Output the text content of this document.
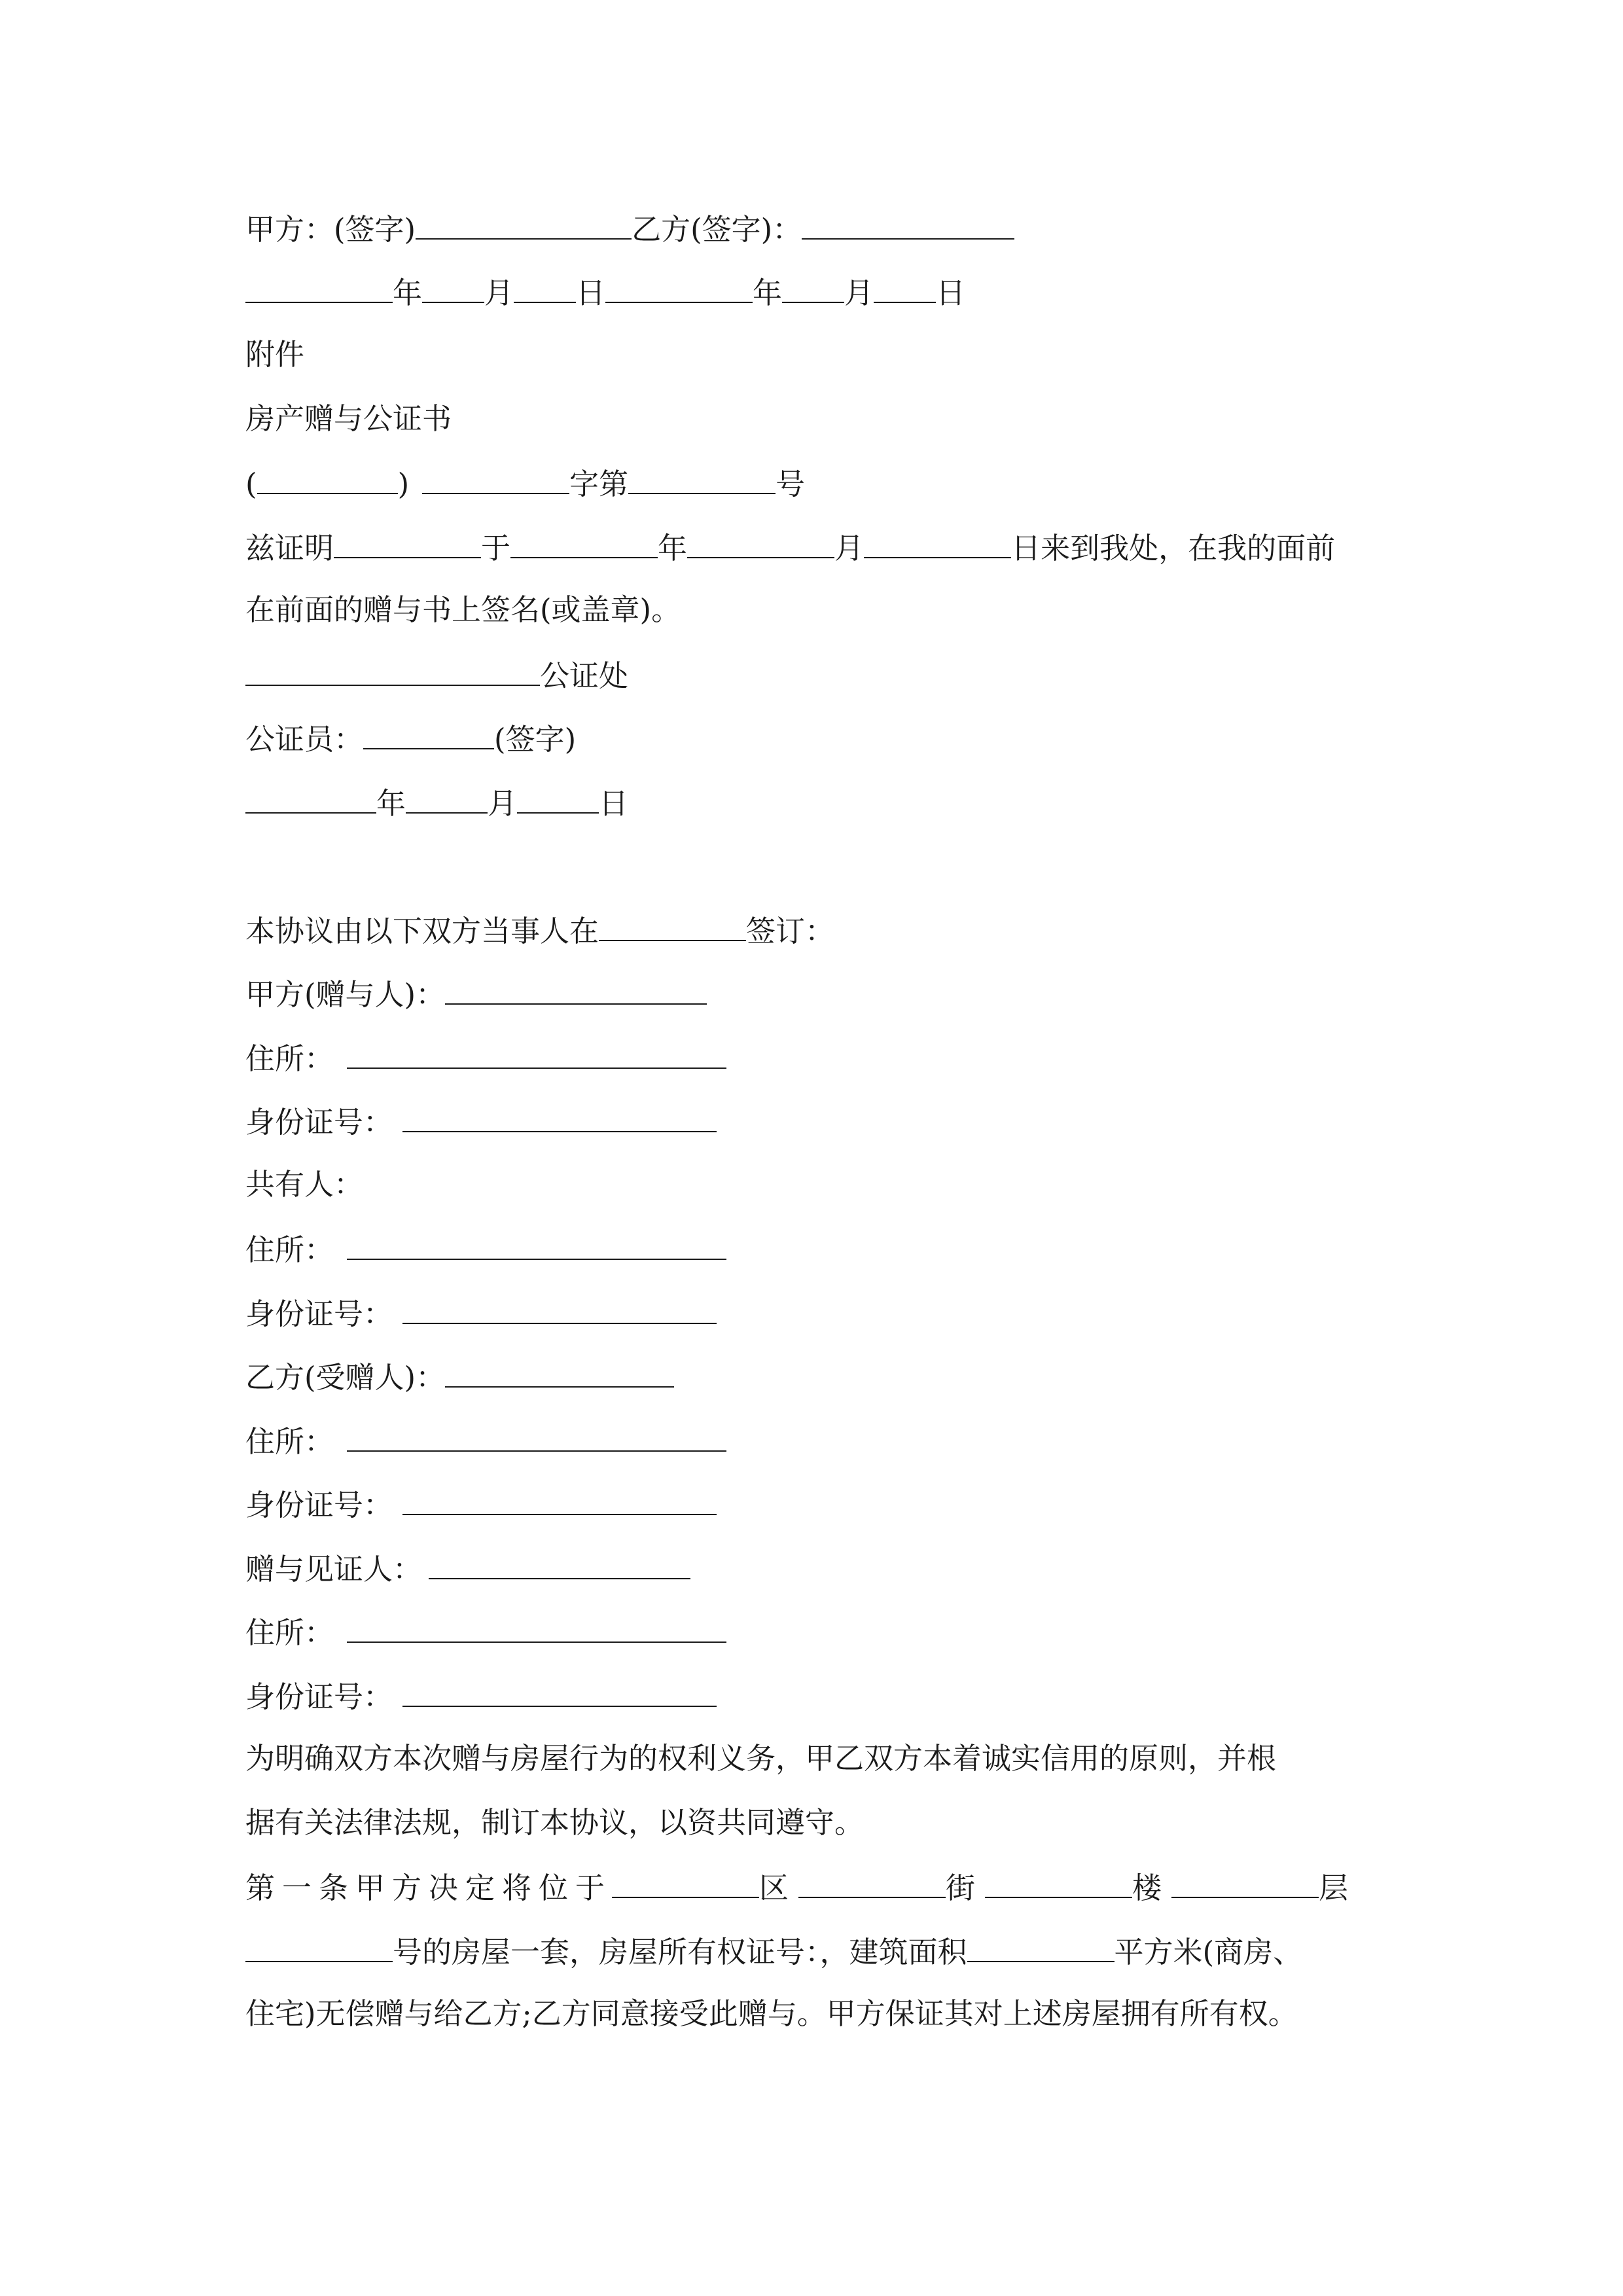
甲方：(签字)	乙方(签字)：
年 月 日	年 月 日
附件
房产赠与公证书
(	)	字第	号
兹证明	于	年	月	日来到我处，在我的面前
在前面的赠与书上签名(或盖章)。
公证处
公证员：	(签字)
年	月	日
本协议由以下双方当事人在	签订：
甲方(赠与人)：
住所：
身份证号：
共有人：
住所：
身份证号：
乙方(受赠人)：
住所：
身份证号：
赠与见证人：
住所：
身份证号：
为明确双方本次赠与房屋行为的权利义务，甲乙双方本着诚实信用的原则，并根
据有关法律法规，制订本协议，以资共同遵守。
第一条甲方决定将位于	区	街	楼	层
号的房屋一套，房屋所有权证号：，建筑面积	平方米(商房、
住宅)无偿赠与给乙方;乙方同意接受此赠与。甲方保证其对上述房屋拥有所有权。
